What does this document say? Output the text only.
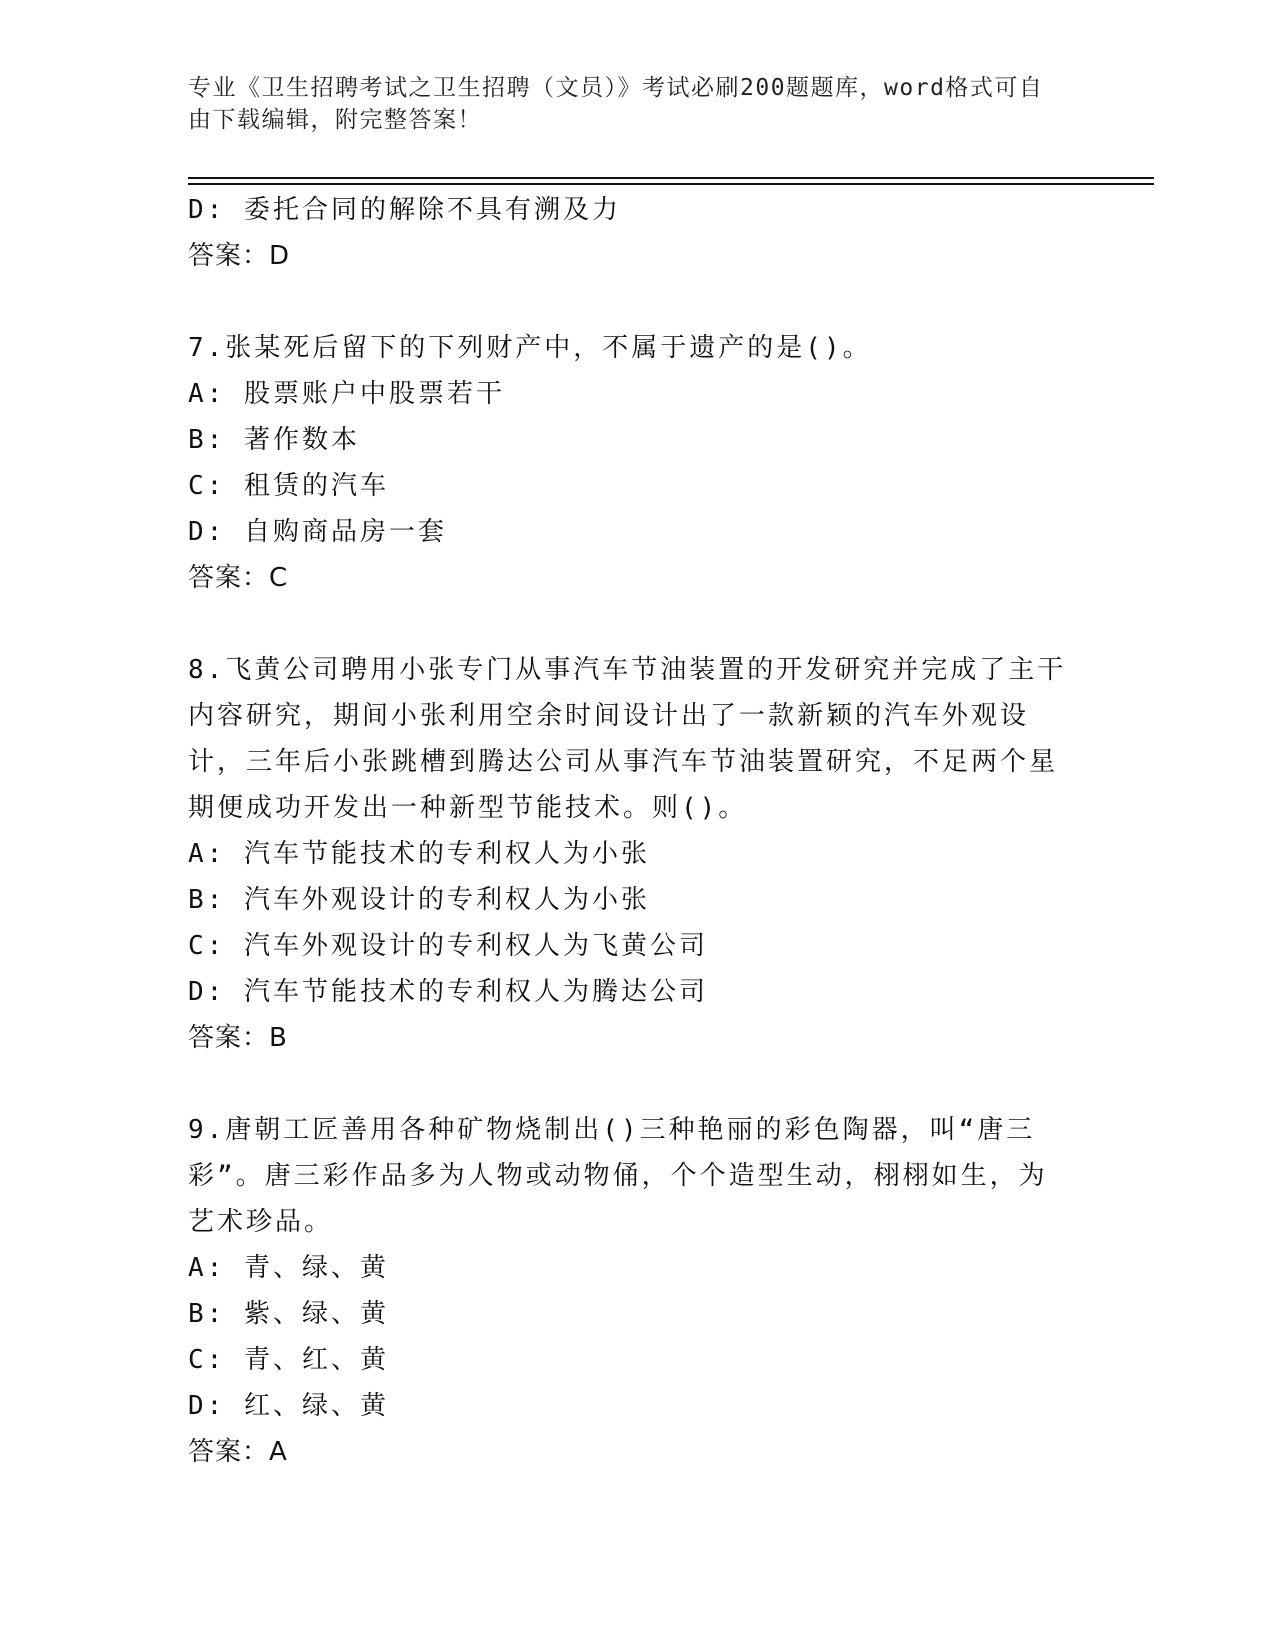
专业《卫生招聘考试之卫生招聘（文员）》考试必刷200题题库，word格式可自
由下载编辑，附完整答案！
D: 委托合同的解除不具有溯及力
答案：D
7.张某死后留下的下列财产中，不属于遗产的是()。
A: 股票账户中股票若干
B: 著作数本
C: 租赁的汽车
D: 自购商品房一套
答案：C
8.飞黄公司聘用小张专门从事汽车节油装置的开发研究并完成了主干内容研究，期间小张利用空余时间设计出了一款新颖的汽车外观设计，三年后小张跳槽到腾达公司从事汽车节油装置研究，不足两个星期便成功开发出一种新型节能技术。则()。
A: 汽车节能技术的专利权人为小张
B: 汽车外观设计的专利权人为小张
C: 汽车外观设计的专利权人为飞黄公司
D: 汽车节能技术的专利权人为腾达公司
答案：B
9.唐朝工匠善用各种矿物烧制出()三种艳丽的彩色陶器，叫“唐三彩”。唐三彩作品多为人物或动物俑，个个造型生动，栩栩如生，为艺术珍品。
A: 青、绿、黄
B: 紫、绿、黄
C: 青、红、黄
D: 红、绿、黄
答案：A
